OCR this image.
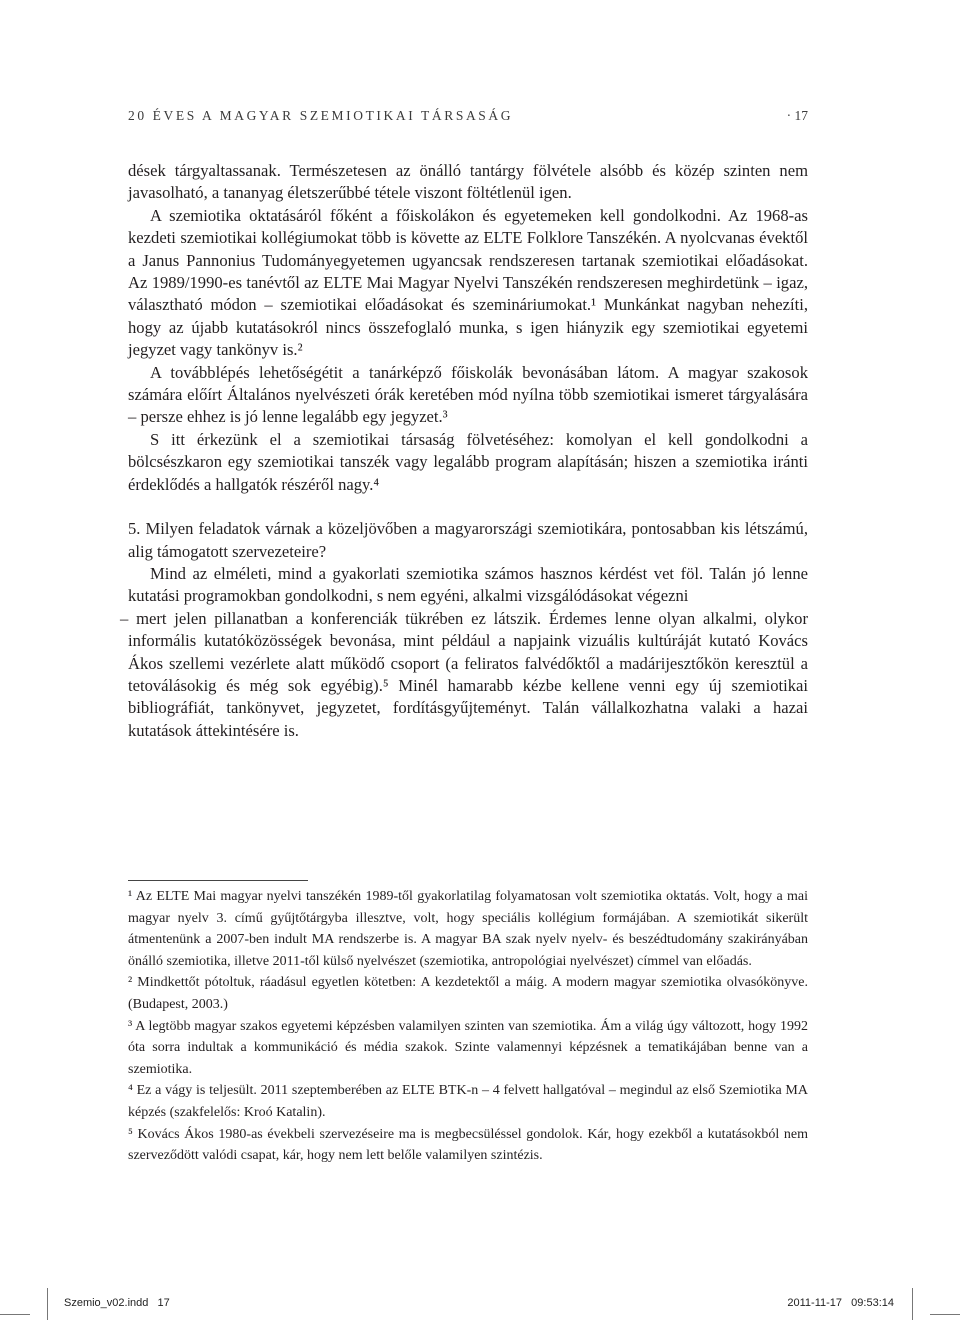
20 ÉVES A MAGYAR SZEMIOTIKAI TÁRSASÁG	· 17

dések tárgyaltassanak. Természetesen az önálló tantárgy fölvétele alsóbb és közép szinten nem javasolható, a tananyag életszerűbbé tétele viszont föltétlenül igen.

A szemiotika oktatásáról főként a főiskolákon és egyetemeken kell gondolkodni. Az 1968-as kezdeti szemiotikai kollégiumokat több is követte az ELTE Folklore Tanszékén. A nyolcvanas évektől a Janus Pannonius Tudományegyetemen ugyancsak rendszeresen tartanak szemiotikai előadásokat. Az 1989/1990-es tanévtől az ELTE Mai Magyar Nyelvi Tanszékén rendszeresen meghirdetünk – igaz, választható módon – szemiotikai előadásokat és szemináriumokat.¹ Munkánkat nagyban nehezíti, hogy az újabb kutatásokról nincs összefoglaló munka, s igen hiányzik egy szemiotikai egyetemi jegyzet vagy tankönyv is.²

A továbblépés lehetőségétit a tanárképző főiskolák bevonásában látom. A magyar szakosok számára előírt Általános nyelvészeti órák keretében mód nyílna több szemiotikai ismeret tárgyalására – persze ehhez is jó lenne legalább egy jegyzet.³

S itt érkezünk el a szemiotikai társaság fölvetéséhez: komolyan el kell gondolkodni a bölcsészkaron egy szemiotikai tanszék vagy legalább program alapításán; hiszen a szemiotika iránti érdeklődés a hallgatók részéről nagy.⁴

5. Milyen feladatok várnak a közeljövőben a magyarországi szemiotikára, pontosabban kis létszámú, alig támogatott szervezeteire?

Mind az elméleti, mind a gyakorlati szemiotika számos hasznos kérdést vet föl. Talán jó lenne kutatási programokban gondolkodni, s nem egyéni, alkalmi vizsgálódásokat végezni

– mert jelen pillanatban a konferenciák tükrében ez látszik. Érdemes lenne olyan alkalmi, olykor informális kutatóközösségek bevonása, mint például a napjaink vizuális kultúráját kutató Kovács Ákos szellemi vezérlete alatt működő csoport (a feliratos falvédőktől a madárijesztőkön keresztül a tetoválásokig és még sok egyébig).⁵ Minél hamarabb kézbe kellene venni egy új szemiotikai bibliográfiát, tankönyvet, jegyzetet, fordításgyűjteményt. Talán vállalkozhatna valaki a hazai kutatások áttekintésére is.

¹ Az ELTE Mai magyar nyelvi tanszékén 1989-től gyakorlatilag folyamatosan volt szemiotika oktatás. Volt, hogy a mai magyar nyelv 3. című gyűjtőtárgyba illesztve, volt, hogy speciális kollégium formájában. A szemiotikát sikerült átmentenünk a 2007-ben indult MA rendszerbe is. A magyar BA szak nyelv nyelv- és beszédtudomány szakirányában önálló szemiotika, illetve 2011-től külső nyelvészet (szemiotika, antropológiai nyelvészet) címmel van előadás.

² Mindkettőt pótoltuk, ráadásul egyetlen kötetben: A kezdetektől a máig. A modern magyar szemiotika olvasókönyve. (Budapest, 2003.)

³ A legtöbb magyar szakos egyetemi képzésben valamilyen szinten van szemiotika. Ám a világ úgy változott, hogy 1992 óta sorra indultak a kommunikáció és média szakok. Szinte valamennyi képzésnek a tematikájában benne van a szemiotika.

⁴ Ez a vágy is teljesült. 2011 szeptemberében az ELTE BTK-n – 4 felvett hallgatóval – megindul az első Szemiotika MA képzés (szakfelelős: Kroó Katalin).

⁵ Kovács Ákos 1980-as évekbeli szervezéseire ma is megbecsüléssel gondolok. Kár, hogy ezekből a kutatásokból nem szerveződött valódi csapat, kár, hogy nem lett belőle valamilyen szintézis.

Szemio_v02.indd   17	2011-11-17   09:53:14
